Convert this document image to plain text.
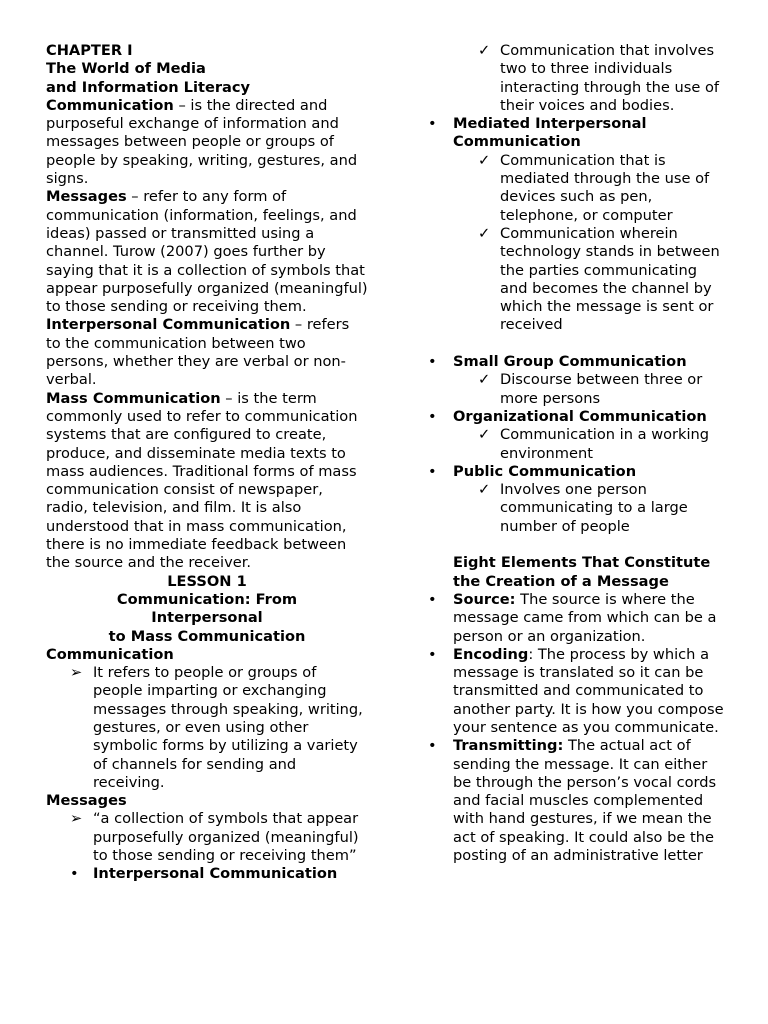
CHAPTER I
The World of Media
and Information Literacy

Communication – is the directed and purposeful exchange of information and messages between people or groups of people by speaking, writing, gestures, and signs.

Messages – refer to any form of communication (information, feelings, and ideas) passed or transmitted using a channel. Turow (2007) goes further by saying that it is a collection of symbols that appear purposefully organized (meaningful) to those sending or receiving them.

Interpersonal Communication – refers to the communication between two persons, whether they are verbal or non-verbal.

Mass Communication – is the term commonly used to refer to communication systems that are configured to create, produce, and disseminate media texts to mass audiences. Traditional forms of mass communication consist of newspaper, radio, television, and film. It is also understood that in mass communication, there is no immediate feedback between the source and the receiver.

LESSON 1
Communication: From
Interpersonal
to Mass Communication
Communication
➢ It refers to people or groups of people imparting or exchanging messages through speaking, writing, gestures, or even using other symbolic forms by utilizing a variety of channels for sending and receiving.
Messages
➢ “a collection of symbols that appear purposefully organized (meaningful) to those sending or receiving them”
• Interpersonal Communication
✓ Communication that involves two to three individuals interacting through the use of their voices and bodies.
•	Mediated Interpersonal Communication
✓ Communication that is mediated through the use of devices such as pen, telephone, or computer
✓ Communication wherein technology stands in between the parties communicating and becomes the channel by which the message is sent or received
•	Small Group Communication
✓ Discourse between three or more persons
•	Organizational Communication
✓ Communication in a working environment
•	Public Communication
✓ Involves one person communicating to a large number of people
Eight Elements That Constitute the Creation of a Message
•	Source: The source is where the message came from which can be a person or an organization.
•	Encoding: The process by which a message is translated so it can be transmitted and communicated to another party. It is how you compose your sentence as you communicate.
•	Transmitting: The actual act of sending the message. It can either be through the person’s vocal cords and facial muscles complemented with hand gestures, if we mean the act of speaking. It could also be the posting of an administrative letter
